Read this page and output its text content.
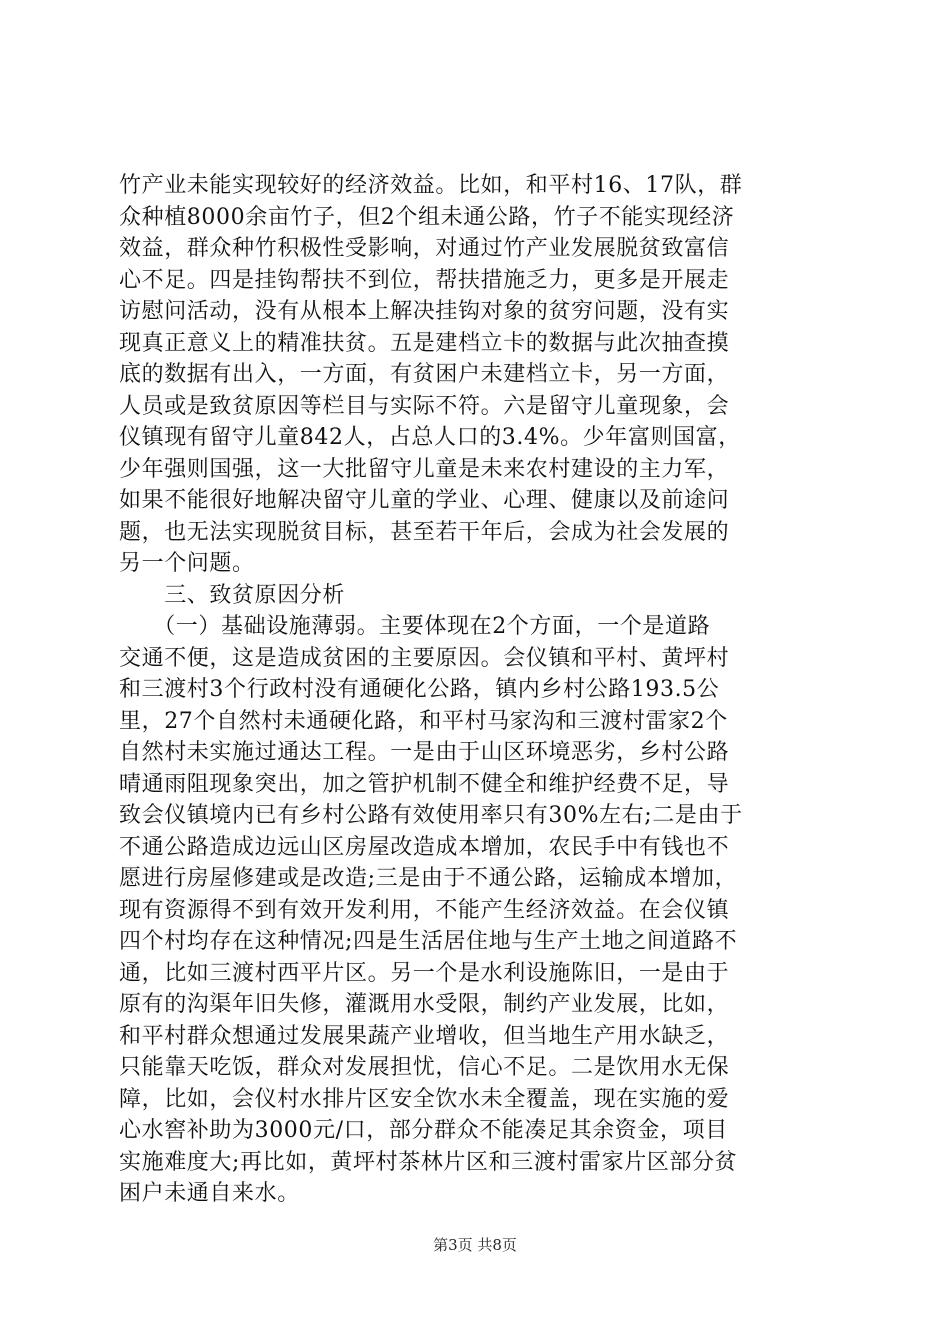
竹产业未能实现较好的经济效益。比如，和平村16、17队，群
众种植8000余亩竹子，但2个组未通公路，竹子不能实现经济
效益，群众种竹积极性受影响，对通过竹产业发展脱贫致富信
心不足。四是挂钩帮扶不到位，帮扶措施乏力，更多是开展走
访慰问活动，没有从根本上解决挂钩对象的贫穷问题，没有实
现真正意义上的精准扶贫。五是建档立卡的数据与此次抽查摸
底的数据有出入，一方面，有贫困户未建档立卡，另一方面，
人员或是致贫原因等栏目与实际不符。六是留守儿童现象，会
仪镇现有留守儿童842人，占总人口的3.4%。少年富则国富，
少年强则国强，这一大批留守儿童是未来农村建设的主力军，
如果不能很好地解决留守儿童的学业、心理、健康以及前途问
题，也无法实现脱贫目标，甚至若干年后，会成为社会发展的
另一个问题。
　　三、致贫原因分析
　　（一）基础设施薄弱。主要体现在2个方面，一个是道路
交通不便，这是造成贫困的主要原因。会仪镇和平村、黄坪村
和三渡村3个行政村没有通硬化公路，镇内乡村公路193.5公
里，27个自然村未通硬化路，和平村马家沟和三渡村雷家2个
自然村未实施过通达工程。一是由于山区环境恶劣，乡村公路
晴通雨阻现象突出，加之管护机制不健全和维护经费不足，导
致会仪镇境内已有乡村公路有效使用率只有30%左右;二是由于
不通公路造成边远山区房屋改造成本增加，农民手中有钱也不
愿进行房屋修建或是改造;三是由于不通公路，运输成本增加，
现有资源得不到有效开发利用，不能产生经济效益。在会仪镇
四个村均存在这种情况;四是生活居住地与生产土地之间道路不
通，比如三渡村西平片区。另一个是水利设施陈旧，一是由于
原有的沟渠年旧失修，灌溉用水受限，制约产业发展，比如，
和平村群众想通过发展果蔬产业增收，但当地生产用水缺乏，
只能靠天吃饭，群众对发展担忧，信心不足。二是饮用水无保
障，比如，会仪村水排片区安全饮水未全覆盖，现在实施的爱
心水窖补助为3000元/口，部分群众不能凑足其余资金，项目
实施难度大;再比如，黄坪村茶林片区和三渡村雷家片区部分贫
困户未通自来水。
第3页 共8页
